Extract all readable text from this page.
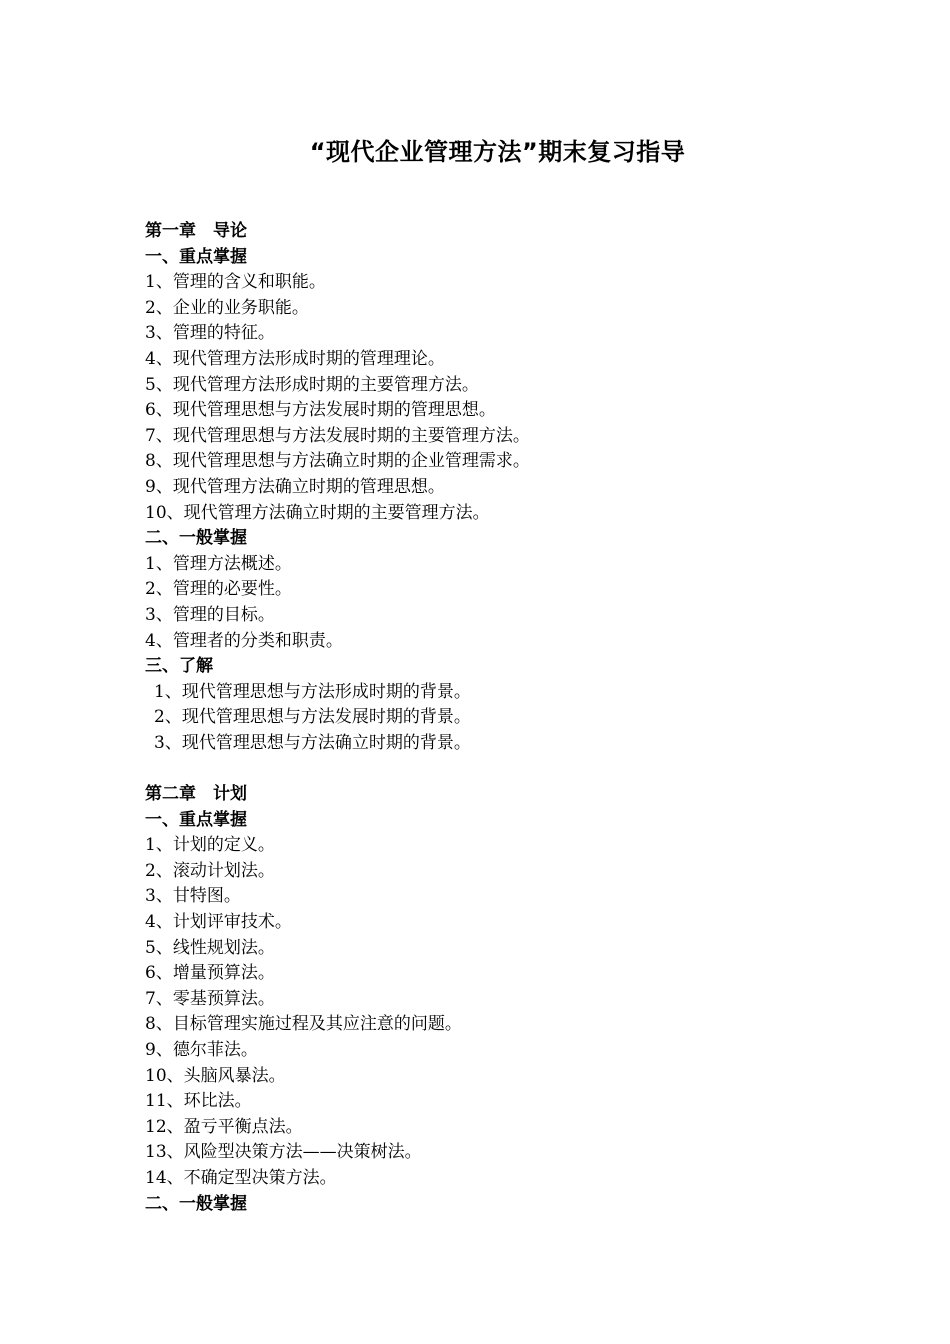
“现代企业管理方法”期末复习指导
第一章　导论
一、重点掌握
1、管理的含义和职能。
2、企业的业务职能。
3、管理的特征。
4、现代管理方法形成时期的管理理论。
5、现代管理方法形成时期的主要管理方法。
6、现代管理思想与方法发展时期的管理思想。
7、现代管理思想与方法发展时期的主要管理方法。
8、现代管理思想与方法确立时期的企业管理需求。
9、现代管理方法确立时期的管理思想。
10、现代管理方法确立时期的主要管理方法。
二、一般掌握
1、管理方法概述。
2、管理的必要性。
3、管理的目标。
4、管理者的分类和职责。
三、了解
1、现代管理思想与方法形成时期的背景。
2、现代管理思想与方法发展时期的背景。
3、现代管理思想与方法确立时期的背景。
第二章　计划
一、重点掌握
1、计划的定义。
2、滚动计划法。
3、甘特图。
4、计划评审技术。
5、线性规划法。
6、增量预算法。
7、零基预算法。
8、目标管理实施过程及其应注意的问题。
9、德尔菲法。
10、头脑风暴法。
11、环比法。
12、盈亏平衡点法。
13、风险型决策方法——决策树法。
14、不确定型决策方法。
二、一般掌握
